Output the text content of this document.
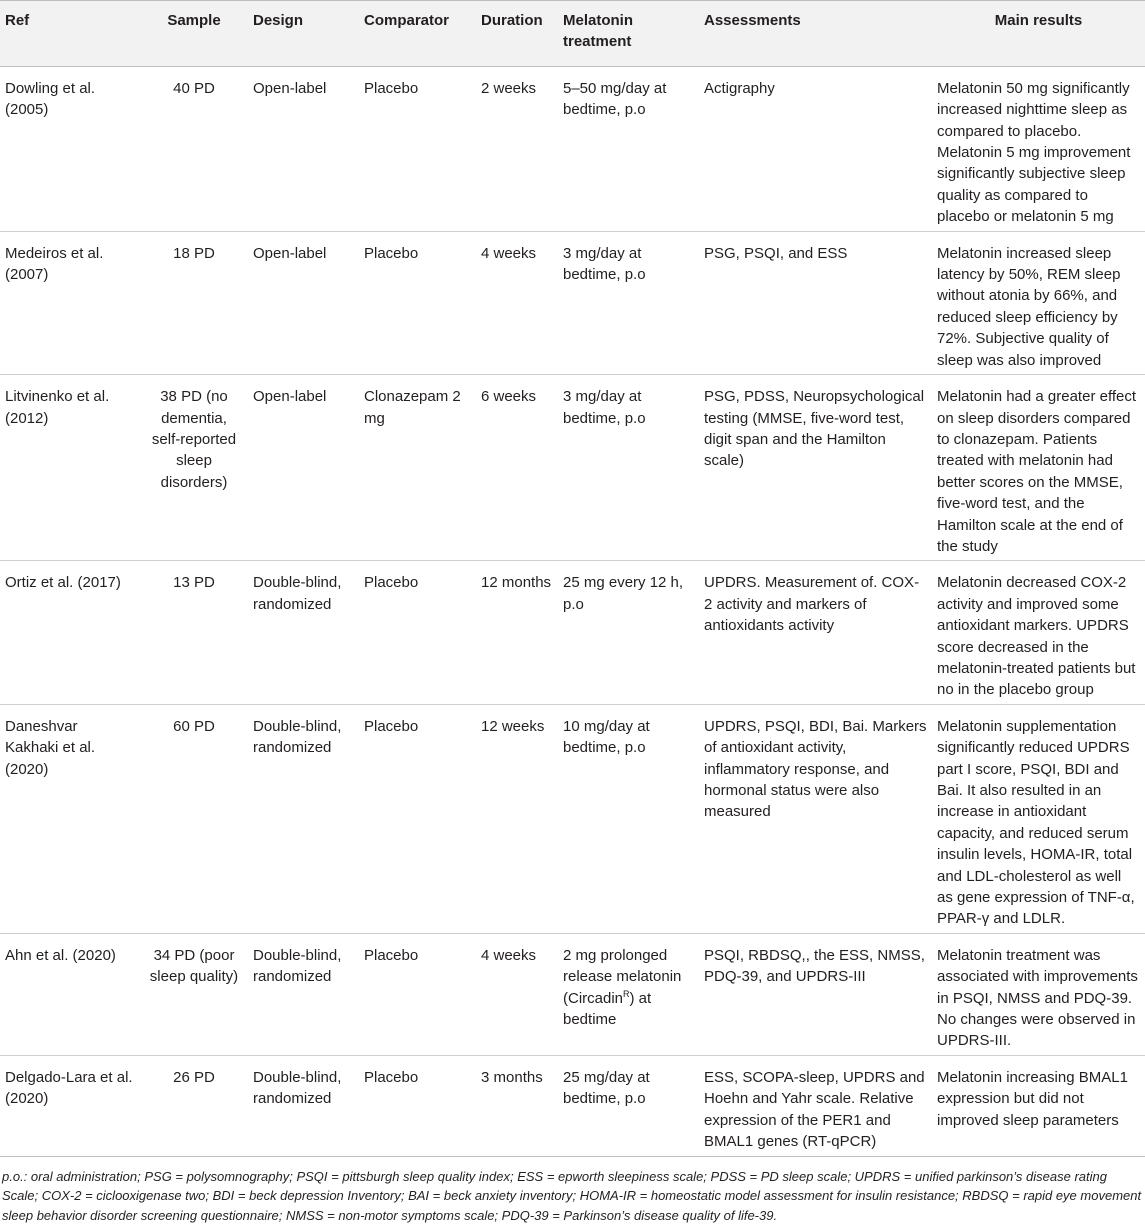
Ref	Sample	Design	Comparator	Duration	Melatonin treatment	Assessments	Main results
Dowling et al. (2005)	40 PD	Open-label	Placebo	2 weeks	5–50 mg/day at bedtime, p.o	Actigraphy	Melatonin 50 mg significantly increased nighttime sleep as compared to placebo. Melatonin 5 mg improvement significantly subjective sleep quality as compared to placebo or melatonin 5 mg
Medeiros et al. (2007)	18 PD	Open-label	Placebo	4 weeks	3 mg/day at bedtime, p.o	PSG, PSQI, and ESS	Melatonin increased sleep latency by 50%, REM sleep without atonia by 66%, and reduced sleep efficiency by 72%. Subjective quality of sleep was also improved
Litvinenko et al. (2012)	38 PD (no dementia, self-reported sleep disorders)	Open-label	Clonazepam 2 mg	6 weeks	3 mg/day at bedtime, p.o	PSG, PDSS, Neuropsychological testing (MMSE, five-word test, digit span and the Hamilton scale)	Melatonin had a greater effect on sleep disorders compared to clonazepam. Patients treated with melatonin had better scores on the MMSE, five-word test, and the Hamilton scale at the end of the study
Ortiz et al. (2017)	13 PD	Double-blind, randomized	Placebo	12 months	25 mg every 12 h, p.o	UPDRS. Measurement of. COX-2 activity and markers of antioxidants activity	Melatonin decreased COX-2 activity and improved some antioxidant markers. UPDRS score decreased in the melatonin-treated patients but no in the placebo group
Daneshvar Kakhaki et al. (2020)	60 PD	Double-blind, randomized	Placebo	12 weeks	10 mg/day at bedtime, p.o	UPDRS, PSQI, BDI, Bai. Markers of antioxidant activity, inflammatory response, and hormonal status were also measured	Melatonin supplementation significantly reduced UPDRS part I score, PSQI, BDI and Bai. It also resulted in an increase in antioxidant capacity, and reduced serum insulin levels, HOMA-IR, total and LDL-cholesterol as well as gene expression of TNF-α, PPAR-γ and LDLR.
Ahn et al. (2020)	34 PD (poor sleep quality)	Double-blind, randomized	Placebo	4 weeks	2 mg prolonged release melatonin (Circadin$^R$) at bedtime	PSQI, RBDSQ,, the ESS, NMSS, PDQ-39, and UPDRS-III	Melatonin treatment was associated with improvements in PSQI, NMSS and PDQ-39. No changes were observed in UPDRS-III.
Delgado-Lara et al. (2020)	26 PD	Double-blind, randomized	Placebo	3 months	25 mg/day at bedtime, p.o	ESS, SCOPA-sleep, UPDRS and Hoehn and Yahr scale. Relative expression of the PER1 and BMAL1 genes (RT-qPCR)	Melatonin increasing BMAL1 expression but did not improved sleep parameters
p.o.: oral administration; PSG = polysomnography; PSQI = pittsburgh sleep quality index; ESS = epworth sleepiness scale; PDSS = PD sleep scale; UPDRS = unified parkinson’s disease rating Scale; COX-2 = ciclooxigenase two; BDI = beck depression Inventory; BAI = beck anxiety inventory; HOMA-IR = homeostatic model assessment for insulin resistance; RBDSQ = rapid eye movement sleep behavior disorder screening questionnaire; NMSS = non-motor symptoms scale; PDQ-39 = Parkinson’s disease quality of life-39.
